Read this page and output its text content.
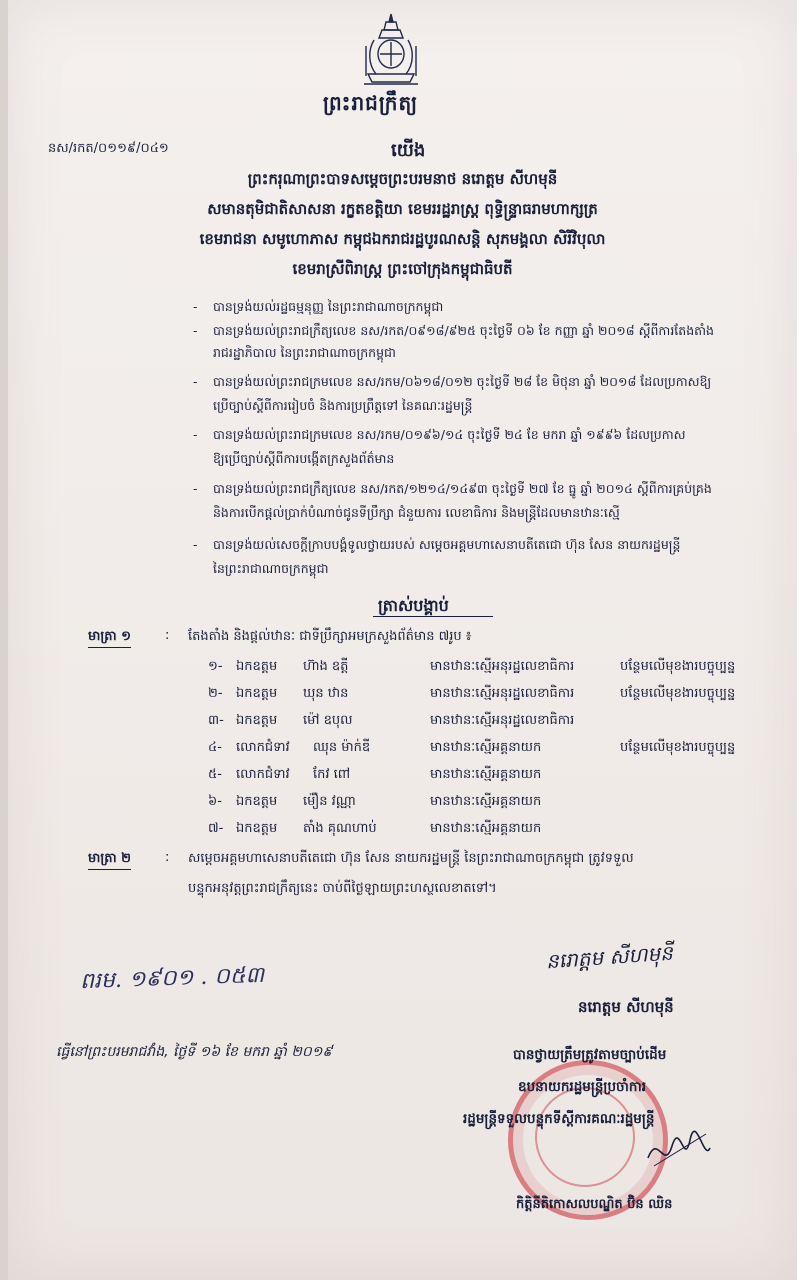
ព្រះរាជក្រឹត្យ
នស/រកត/០១១៩/០៤១	យើង
ព្រះករុណាព្រះបាទសម្តេចព្រះបរមនាថ នរោត្តម សីហមុនី
សមានតុមិជាតិសាសនា រក្ខតខត្តិយា ខេមររដ្ឋរាស្ត្រ ពុទ្ធិន្ទ្រាធរាមហាក្សត្រ
ខេមរាជនា សមូហោភាស កម្ពុជឯករាជរដ្ឋបូរណសន្តិ សុភមង្គលា សិរីវិបុលា
ខេមរាស្រីពិរាស្ត្រ ព្រះចៅក្រុងកម្ពុជាធិបតី
- បានទ្រង់យល់រដ្ឋធម្មនុញ្ញ នៃព្រះរាជាណាចក្រកម្ពុជា
- បានទ្រង់យល់ព្រះរាជក្រឹត្យលេខ នស/រកត/០៩១៨/៩២៥ ចុះថ្ងៃទី ០៦ ខែ កញ្ញា ឆ្នាំ ២០១៨ ស្តីពីការតែងតាំង
រាជរដ្ឋាភិបាល នៃព្រះរាជាណាចក្រកម្ពុជា
- បានទ្រង់យល់ព្រះរាជក្រមលេខ នស/រកម/០៦១៨/០១២ ចុះថ្ងៃទី ២៨ ខែ មិថុនា ឆ្នាំ ២០១៨ ដែលប្រកាសឱ្យ
ប្រើច្បាប់ស្តីពីការរៀបចំ និងការប្រព្រឹត្តទៅ នៃគណៈរដ្ឋមន្ត្រី
- បានទ្រង់យល់ព្រះរាជក្រមលេខ នស/រកម/០១៩៦/១៤ ចុះថ្ងៃទី ២៤ ខែ មករា ឆ្នាំ ១៩៩៦ ដែលប្រកាស
ឱ្យប្រើច្បាប់ស្តីពីការបង្កើតក្រសួងព័ត៌មាន
- បានទ្រង់យល់ព្រះរាជក្រឹត្យលេខ នស/រកត/១២១៤/១៤៩៣ ចុះថ្ងៃទី ២៧ ខែ ធ្នូ ឆ្នាំ ២០១៤ ស្តីពីការគ្រប់គ្រង
និងការបើកផ្តល់ប្រាក់បំណាច់ជូនទីប្រឹក្សា ជំនួយការ លេខាធិការ និងមន្ត្រីដែលមានឋានៈស្មើ
- បានទ្រង់យល់សេចក្តីក្រាបបង្គំទូលថ្វាយរបស់ សម្តេចអគ្គមហាសេនាបតីតេជោ ហ៊ុន សែន នាយករដ្ឋមន្ត្រី
នៃព្រះរាជាណាចក្រកម្ពុជា
ត្រាស់បង្គាប់
មាត្រា ១	: តែងតាំង និងផ្តល់ឋានៈ ជាទីប្រឹក្សាអមក្រសួងព័ត៌មាន ៧រូប ៖
១- ឯកឧត្តម ហ៊ាង ឧត្តី	មានឋានៈស្មើអនុរដ្ឋលេខាធិការ	បន្ថែមលើមុខងារបច្ចុប្បន្ន
២- ឯកឧត្តម ឃុន ឋាន	មានឋានៈស្មើអនុរដ្ឋលេខាធិការ	បន្ថែមលើមុខងារបច្ចុប្បន្ន
៣- ឯកឧត្តម ម៉ៅ ឧបុល	មានឋានៈស្មើអនុរដ្ឋលេខាធិការ
៤- លោកជំទាវ ឈុន ម៉ាក់ឌី	មានឋានៈស្មើអគ្គនាយក	បន្ថែមលើមុខងារបច្ចុប្បន្ន
៥- លោកជំទាវ កែវ ពៅ	មានឋានៈស្មើអគ្គនាយក
៦- ឯកឧត្តម ម៉ឿន វណ្ណា	មានឋានៈស្មើអគ្គនាយក
៧- ឯកឧត្តម តាំង គុណហាប់	មានឋានៈស្មើអគ្គនាយក
មាត្រា ២	: សម្តេចអគ្គមហាសេនាបតីតេជោ ហ៊ុន សែន នាយករដ្ឋមន្ត្រី នៃព្រះរាជាណាចក្រកម្ពុជា ត្រូវទទួល
បន្ទុកអនុវត្តព្រះរាជក្រឹត្យនេះ ចាប់ពីថ្ងៃឡាយព្រះហស្ថលេខាតទៅ។
នរោត្តម សីហមុនី
ពរម. ១៩០១ . ០៥៣
នរោត្តម សីហមុនី
ធ្វើនៅព្រះបរមរាជវាំង, ថ្ងៃទី ១៦ ខែ មករា ឆ្នាំ ២០១៩	បានថ្វាយត្រឹមត្រូវតាមច្បាប់ដើម
ឧបនាយករដ្ឋមន្ត្រីប្រចាំការ
រដ្ឋមន្ត្រីទទួលបន្ទុកទីស្តីការគណៈរដ្ឋមន្ត្រី
កិត្តិនីតិកោសលបណ្ឌិត ប៊ិន ឈិន
